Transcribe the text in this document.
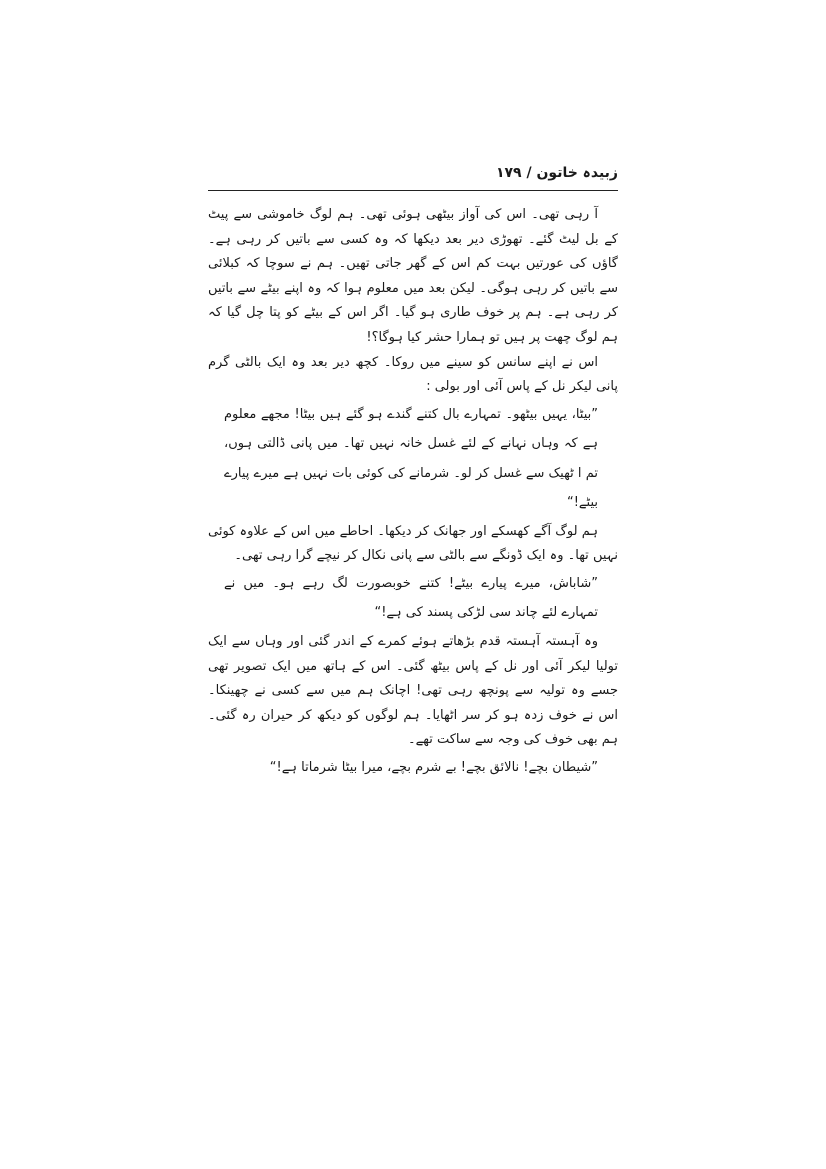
زبیدہ خاتون / ۱۷۹

آ رہی تھی۔ اس کی آواز بیٹھی ہوئی تھی۔ ہم لوگ خاموشی سے پیٹ کے بل لیٹ گئے۔ تھوڑی دیر بعد دیکھا کہ وہ کسی سے باتیں کر رہی ہے۔ گاؤں کی عورتیں بہت کم اس کے گھر جاتی تھیں۔ ہم نے سوچا کہ کبلائی سے باتیں کر رہی ہوگی۔ لیکن بعد میں معلوم ہوا کہ وہ اپنے بیٹے سے باتیں کر رہی ہے۔ ہم پر خوف طاری ہو گیا۔ اگر اس کے بیٹے کو پتا چل گیا کہ ہم لوگ چھت پر ہیں تو ہمارا حشر کیا ہوگا؟!

اس نے اپنے سانس کو سینے میں روکا۔ کچھ دیر بعد وہ ایک بالٹی گرم پانی لیکر نل کے پاس آئی اور بولی :

”بیٹا، یہیں بیٹھو۔ تمہارے بال کتنے گندے ہو گئے ہیں بیٹا! مجھے معلوم ہے کہ وہاں نہانے کے لئے غسل خانہ نہیں تھا۔ میں پانی ڈالتی ہوں، تم ا ٹھیک سے غسل کر لو۔ شرمانے کی کوئی بات نہیں ہے میرے پیارے بیٹے!“

ہم لوگ آگے کھسکے اور جھانک کر دیکھا۔ احاطے میں اس کے علاوہ کوئی نہیں تھا۔ وہ ایک ڈونگے سے بالٹی سے پانی نکال کر نیچے گرا رہی تھی۔

”شاباش، میرے پیارے بیٹے! کتنے خوبصورت لگ رہے ہو۔ میں نے تمہارے لئے چاند سی لڑکی پسند کی ہے!“

وہ آہستہ آہستہ قدم بڑھاتے ہوئے کمرے کے اندر گئی اور وہاں سے ایک تولیا لیکر آئی اور نل کے پاس بیٹھ گئی۔ اس کے ہاتھ میں ایک تصویر تھی جسے وہ تولیہ سے پونچھ رہی تھی! اچانک ہم میں سے کسی نے چھینکا۔ اس نے خوف زدہ ہو کر سر اٹھایا۔ ہم لوگوں کو دیکھ کر حیران رہ گئی۔ ہم بھی خوف کی وجہ سے ساکت تھے۔

”شیطان بچے! نالائق بچے! بے شرم بچے، میرا بیٹا شرماتا ہے!“
